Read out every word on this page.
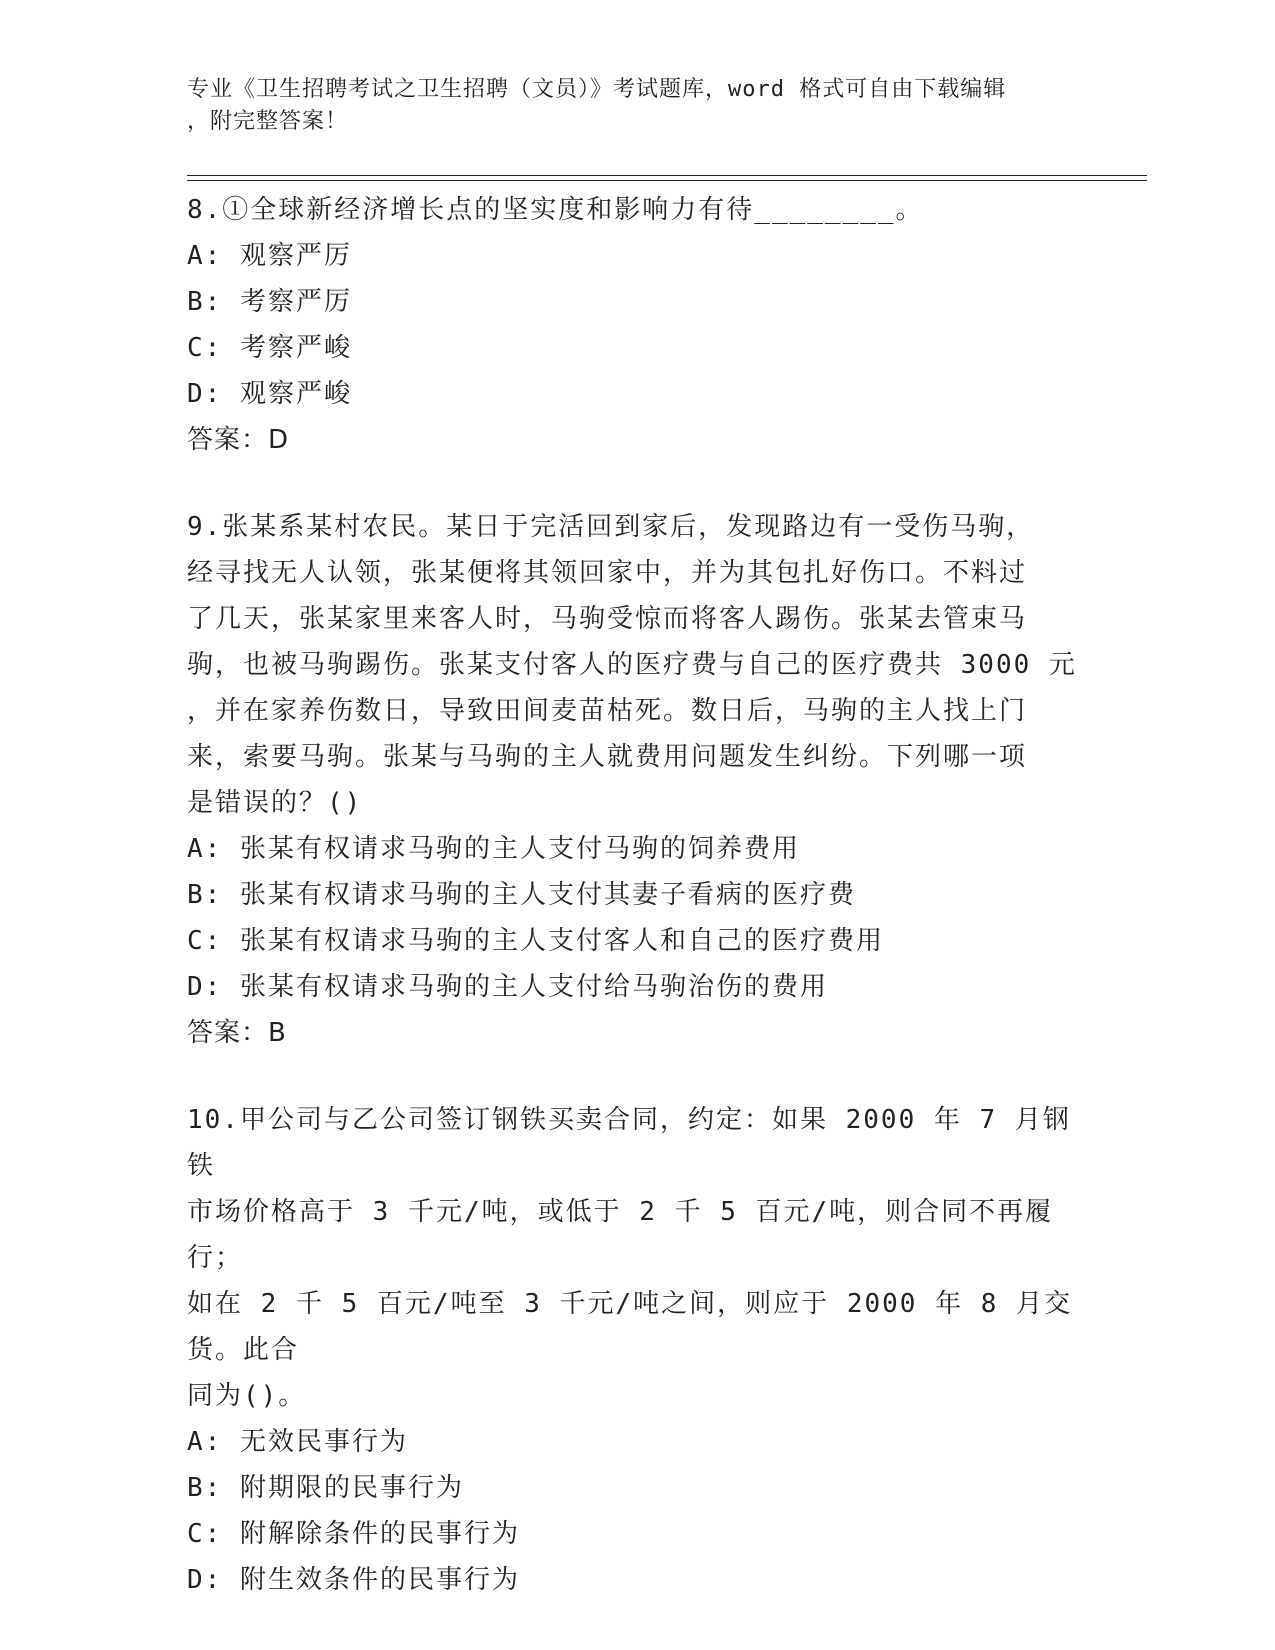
专业《卫生招聘考试之卫生招聘（文员）》考试题库，word 格式可自由下载编辑
，附完整答案！
8.①全球新经济增长点的坚实度和影响力有待________。
A: 观察严厉
B: 考察严厉
C: 考察严峻
D: 观察严峻
答案：D
9.张某系某村农民。某日于完活回到家后，发现路边有一受伤马驹，
经寻找无人认领，张某便将其领回家中，并为其包扎好伤口。不料过
了几天，张某家里来客人时，马驹受惊而将客人踢伤。张某去管束马
驹，也被马驹踢伤。张某支付客人的医疗费与自己的医疗费共 3000 元
，并在家养伤数日，导致田间麦苗枯死。数日后，马驹的主人找上门
来，索要马驹。张某与马驹的主人就费用问题发生纠纷。下列哪一项
是错误的？()
A: 张某有权请求马驹的主人支付马驹的饲养费用
B: 张某有权请求马驹的主人支付其妻子看病的医疗费
C: 张某有权请求马驹的主人支付客人和自己的医疗费用
D: 张某有权请求马驹的主人支付给马驹治伤的费用
答案：B
10.甲公司与乙公司签订钢铁买卖合同，约定：如果 2000 年 7 月钢铁
市场价格高于 3 千元/吨，或低于 2 千 5 百元/吨，则合同不再履行；
如在 2 千 5 百元/吨至 3 千元/吨之间，则应于 2000 年 8 月交货。此合
同为()。
A: 无效民事行为
B: 附期限的民事行为
C: 附解除条件的民事行为
D: 附生效条件的民事行为
